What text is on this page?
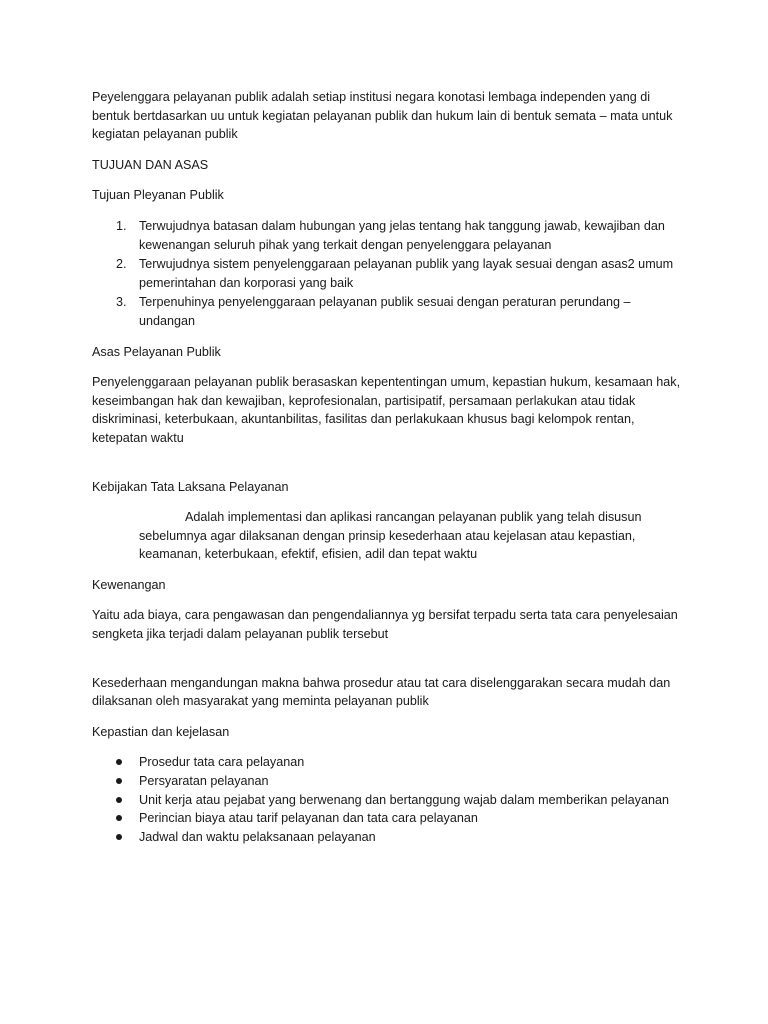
Peyelenggara pelayanan publik adalah setiap institusi negara konotasi lembaga independen yang di bentuk bertdasarkan uu untuk kegiatan pelayanan publik dan hukum lain di bentuk semata – mata untuk kegiatan pelayanan publik

TUJUAN DAN ASAS

Tujuan Pleyanan Publik

1. Terwujudnya batasan dalam hubungan yang jelas tentang hak tanggung jawab, kewajiban dan kewenangan seluruh pihak yang terkait dengan penyelenggara pelayanan
2. Terwujudnya sistem penyelenggaraan pelayanan publik yang layak sesuai dengan asas2 umum pemerintahan dan korporasi yang baik
3. Terpenuhinya penyelenggaraan pelayanan publik sesuai dengan peraturan perundang – undangan

Asas Pelayanan Publik

Penyelenggaraan pelayanan publik berasaskan kepententingan umum, kepastian hukum, kesamaan hak, keseimbangan hak dan kewajiban, keprofesionalan, partisipatif, persamaan perlakukan atau tidak diskriminasi, keterbukaan, akuntanbilitas, fasilitas dan perlakukaan khusus bagi kelompok rentan, ketepatan waktu

Kebijakan Tata Laksana Pelayanan

Adalah implementasi dan aplikasi rancangan pelayanan publik yang telah disusun sebelumnya agar dilaksanan dengan prinsip kesederhaan atau kejelasan atau kepastian, keamanan, keterbukaan, efektif, efisien, adil dan tepat waktu

Kewenangan

Yaitu ada biaya, cara pengawasan dan pengendaliannya yg bersifat terpadu serta tata cara penyelesaian sengketa jika terjadi dalam pelayanan publik tersebut

Kesederhaan mengandungan makna bahwa prosedur atau tat cara diselenggarakan secara mudah dan dilaksanan oleh masyarakat yang meminta pelayanan publik

Kepastian dan kejelasan

Prosedur tata cara pelayanan
Persyaratan pelayanan
Unit kerja atau pejabat yang berwenang dan bertanggung wajab dalam memberikan pelayanan
Perincian biaya atau tarif pelayanan dan tata cara pelayanan
Jadwal dan waktu pelaksanaan pelayanan
